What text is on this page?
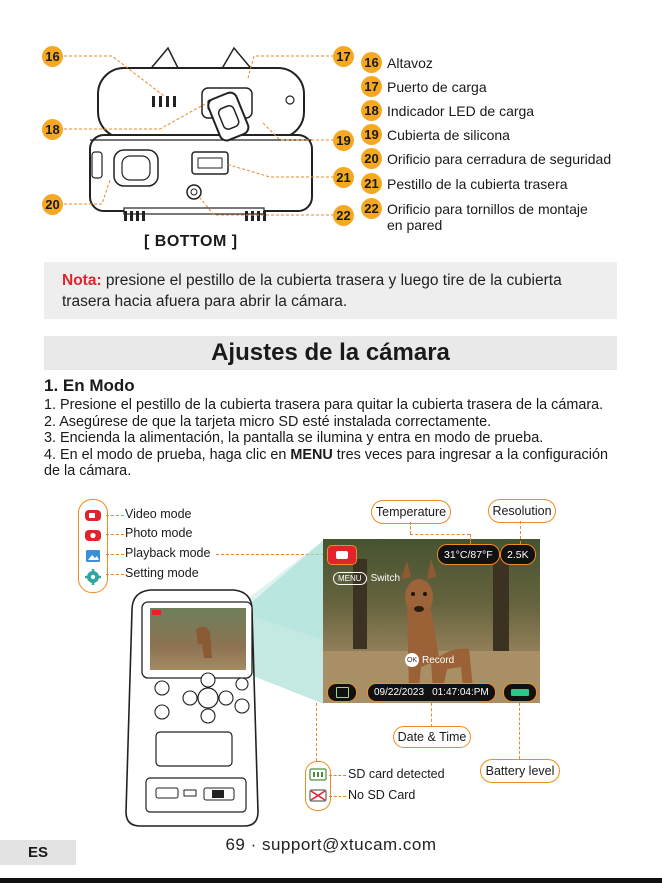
16	17
18
19
20
21
22
[ BOTTOM ]
16 Altavoz
17 Puerto de carga
18 Indicador LED de carga
19 Cubierta de silicona
20 Orificio para cerradura de seguridad
21 Pestillo de la cubierta trasera
22 Orificio para tornillos de montaje
en pared
Nota: presione el pestillo de la cubierta trasera y luego tire de la cubierta trasera hacia afuera para abrir la cámara.
Ajustes de la cámara
1. En Modo
1. Presione el pestillo de la cubierta trasera para quitar la cubierta trasera de la cámara.
2. Asegúrese de que la tarjeta micro SD esté instalada correctamente.
3. Encienda la alimentación, la pantalla se ilumina y entra en modo de prueba.
4. En el modo de prueba, haga clic en MENU tres veces para ingresar a la configuración de la cámara.
Video mode
Photo mode
Playback mode
Setting mode
31°C/87°F	2.5K
MENU Switch
OK Record
09/22/2023 01:47:04:PM
Temperature	Resolution
Date & Time
Battery level
SD card detected
No SD Card
ES	69 · support@xtucam.com
